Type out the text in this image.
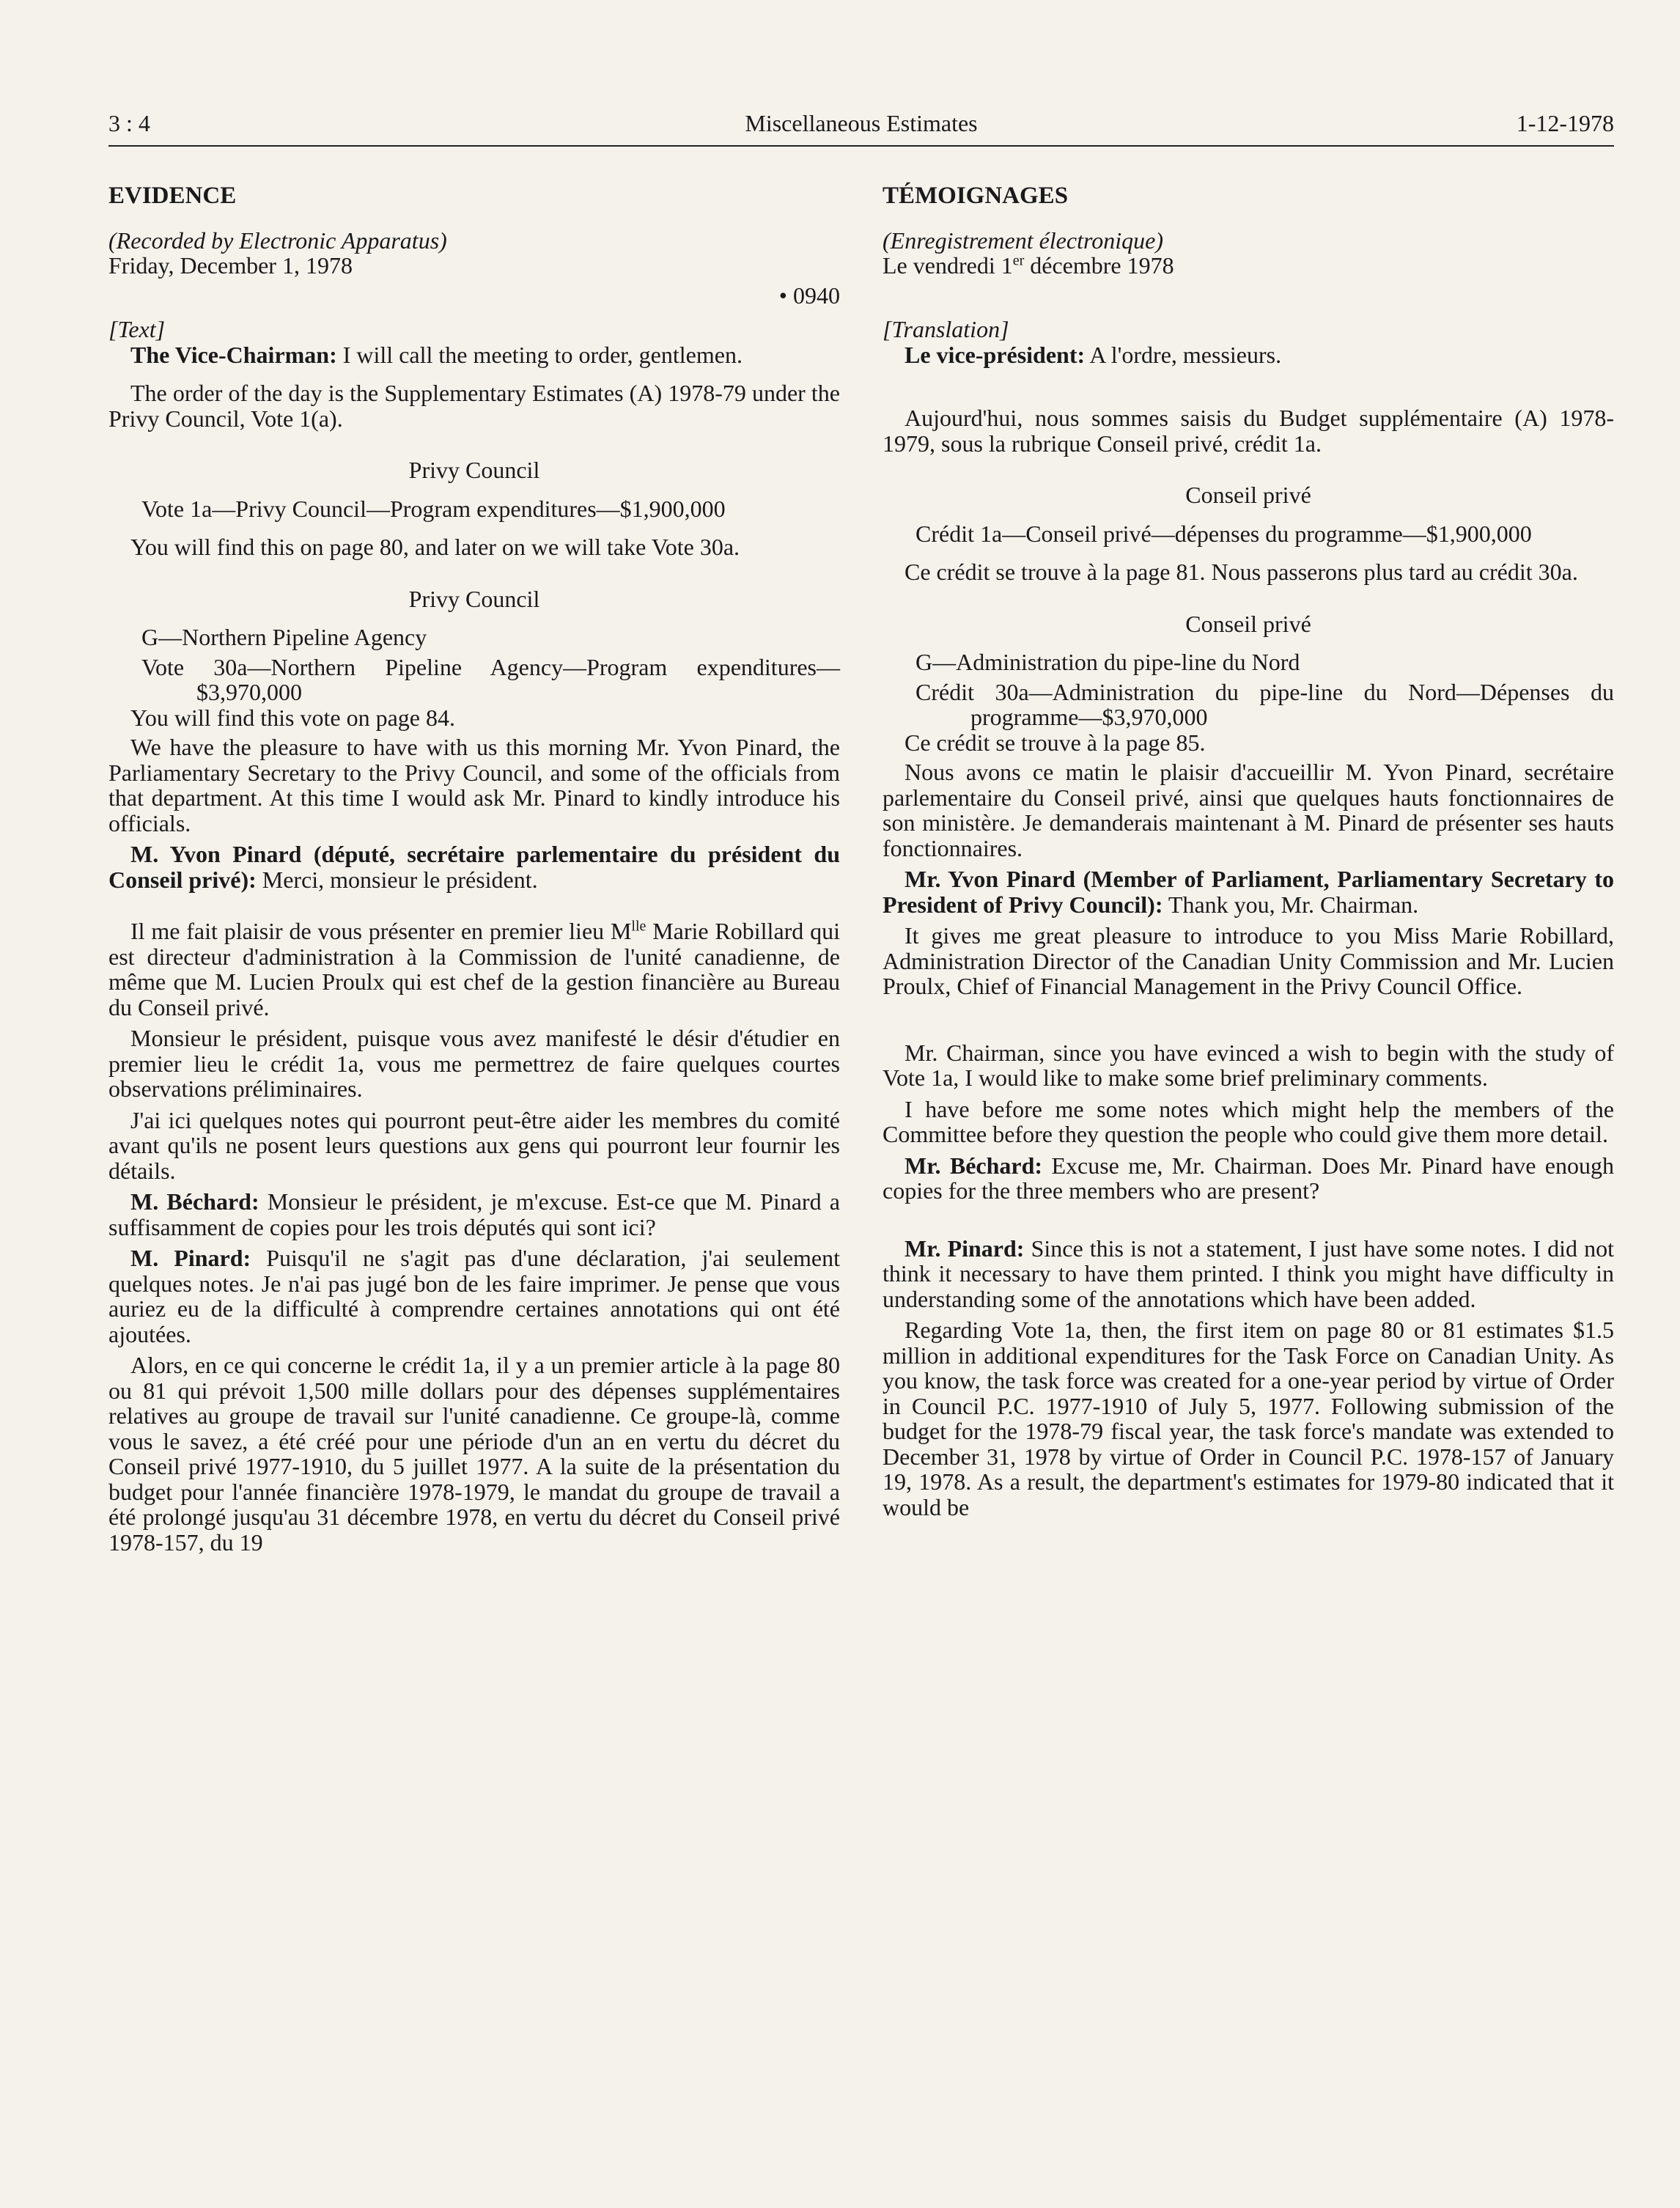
3 : 4	Miscellaneous Estimates	1-12-1978
EVIDENCE
(Recorded by Electronic Apparatus)
Friday, December 1, 1978
• 0940
[Text]
The Vice-Chairman: I will call the meeting to order, gentlemen.
The order of the day is the Supplementary Estimates (A) 1978-79 under the Privy Council, Vote 1(a).
Privy Council
Vote 1a—Privy Council—Program expenditures—$1,900,000
You will find this on page 80, and later on we will take Vote 30a.
Privy Council
G—Northern Pipeline Agency
Vote 30a—Northern Pipeline Agency—Program expenditures—$3,970,000
You will find this vote on page 84.
We have the pleasure to have with us this morning Mr. Yvon Pinard, the Parliamentary Secretary to the Privy Council, and some of the officials from that department. At this time I would ask Mr. Pinard to kindly introduce his officials.
M. Yvon Pinard (député, secrétaire parlementaire du président du Conseil privé): Merci, monsieur le président.
Il me fait plaisir de vous présenter en premier lieu $M^{lle}$ Marie Robillard qui est directeur d'administration à la Commission de l'unité canadienne, de même que M. Lucien Proulx qui est chef de la gestion financière au Bureau du Conseil privé.
Monsieur le président, puisque vous avez manifesté le désir d'étudier en premier lieu le crédit 1a, vous me permettrez de faire quelques courtes observations préliminaires.
J'ai ici quelques notes qui pourront peut-être aider les membres du comité avant qu'ils ne posent leurs questions aux gens qui pourront leur fournir les détails.
M. Béchard: Monsieur le président, je m'excuse. Est-ce que M. Pinard a suffisamment de copies pour les trois députés qui sont ici?
M. Pinard: Puisqu'il ne s'agit pas d'une déclaration, j'ai seulement quelques notes. Je n'ai pas jugé bon de les faire imprimer. Je pense que vous auriez eu de la difficulté à comprendre certaines annotations qui ont été ajoutées.
Alors, en ce qui concerne le crédit 1a, il y a un premier article à la page 80 ou 81 qui prévoit 1,500 mille dollars pour des dépenses supplémentaires relatives au groupe de travail sur l'unité canadienne. Ce groupe-là, comme vous le savez, a été créé pour une période d'un an en vertu du décret du Conseil privé 1977-1910, du 5 juillet 1977. A la suite de la présentation du budget pour l'année financière 1978-1979, le mandat du groupe de travail a été prolongé jusqu'au 31 décembre 1978, en vertu du décret du Conseil privé 1978-157, du 19
TÉMOIGNAGES
(Enregistrement électronique)
Le vendredi 1er décembre 1978
[Translation]
Le vice-président: A l'ordre, messieurs.
Aujourd'hui, nous sommes saisis du Budget supplémentaire (A) 1978-1979, sous la rubrique Conseil privé, crédit 1a.
Conseil privé
Crédit 1a—Conseil privé—dépenses du programme—$1,900,000
Ce crédit se trouve à la page 81. Nous passerons plus tard au crédit 30a.
Conseil privé
G—Administration du pipe-line du Nord
Crédit 30a—Administration du pipe-line du Nord—Dépenses du programme—$3,970,000
Ce crédit se trouve à la page 85.
Nous avons ce matin le plaisir d'accueillir M. Yvon Pinard, secrétaire parlementaire du Conseil privé, ainsi que quelques hauts fonctionnaires de son ministère. Je demanderais maintenant à M. Pinard de présenter ses hauts fonctionnaires.
Mr. Yvon Pinard (Member of Parliament, Parliamentary Secretary to President of Privy Council): Thank you, Mr. Chairman.
It gives me great pleasure to introduce to you Miss Marie Robillard, Administration Director of the Canadian Unity Commission and Mr. Lucien Proulx, Chief of Financial Management in the Privy Council Office.
Mr. Chairman, since you have evinced a wish to begin with the study of Vote 1a, I would like to make some brief preliminary comments.
I have before me some notes which might help the members of the Committee before they question the people who could give them more detail.
Mr. Béchard: Excuse me, Mr. Chairman. Does Mr. Pinard have enough copies for the three members who are present?
Mr. Pinard: Since this is not a statement, I just have some notes. I did not think it necessary to have them printed. I think you might have difficulty in understanding some of the annotations which have been added.
Regarding Vote 1a, then, the first item on page 80 or 81 estimates $1.5 million in additional expenditures for the Task Force on Canadian Unity. As you know, the task force was created for a one-year period by virtue of Order in Council P.C. 1977-1910 of July 5, 1977. Following submission of the budget for the 1978-79 fiscal year, the task force's mandate was extended to December 31, 1978 by virtue of Order in Council P.C. 1978-157 of January 19, 1978. As a result, the department's estimates for 1979-80 indicated that it would be
